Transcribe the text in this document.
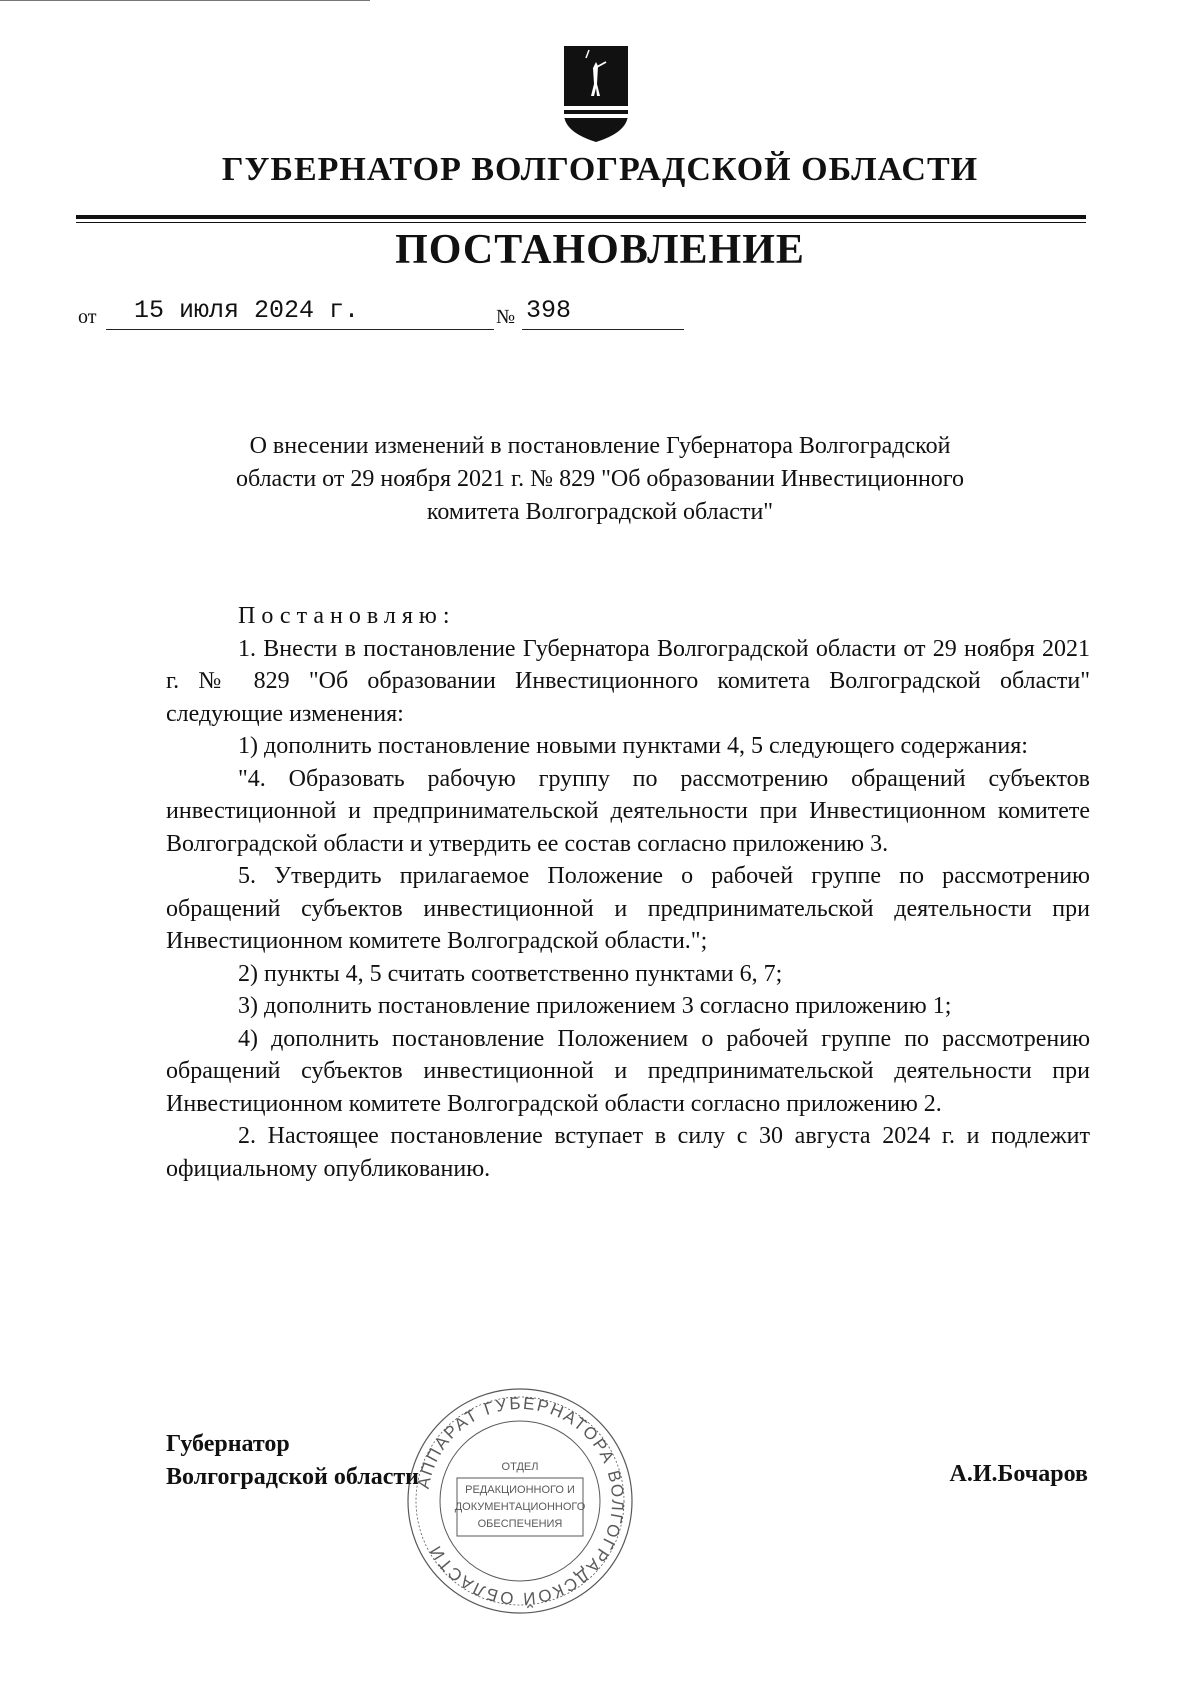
ГУБЕРНАТОР ВОЛГОГРАДСКОЙ ОБЛАСТИ
ПОСТАНОВЛЕНИЕ
от 15 июля 2024 г.	№ 398
О внесении изменений в постановление Губернатора Волгоградской
области от 29 ноября 2021 г. № 829 "Об образовании Инвестиционного
комитета Волгоградской области"

Постановляю:

1. Внести в постановление Губернатора Волгоградской области от 29 ноября 2021 г. № 829 "Об образовании Инвестиционного комитета Волгоградской области" следующие изменения:

1) дополнить постановление новыми пунктами 4, 5 следующего содержания:

"4. Образовать рабочую группу по рассмотрению обращений субъектов инвестиционной и предпринимательской деятельности при Инвестиционном комитете Волгоградской области и утвердить ее состав согласно приложению 3.

5. Утвердить прилагаемое Положение о рабочей группе по рассмотрению обращений субъектов инвестиционной и предпринимательской деятельности при Инвестиционном комитете Волгоградской области.";

2) пункты 4, 5 считать соответственно пунктами 6, 7;

3) дополнить постановление приложением 3 согласно приложению 1;

4) дополнить постановление Положением о рабочей группе по рассмотрению обращений субъектов инвестиционной и предпринимательской деятельности при Инвестиционном комитете Волгоградской области согласно приложению 2.

2. Настоящее постановление вступает в силу с 30 августа 2024 г. и подлежит официальному опубликованию.

Губернатор
Волгоградской области	А.И.Бочаров
АППАРАТ ГУБЕРНАТОРА ВОЛГОГРАДСКОЙ ОБЛАСТИ
ОТДЕЛ
РЕДАКЦИОННОГО И
ДОКУМЕНТАЦИОННОГО
ОБЕСПЕЧЕНИЯ
